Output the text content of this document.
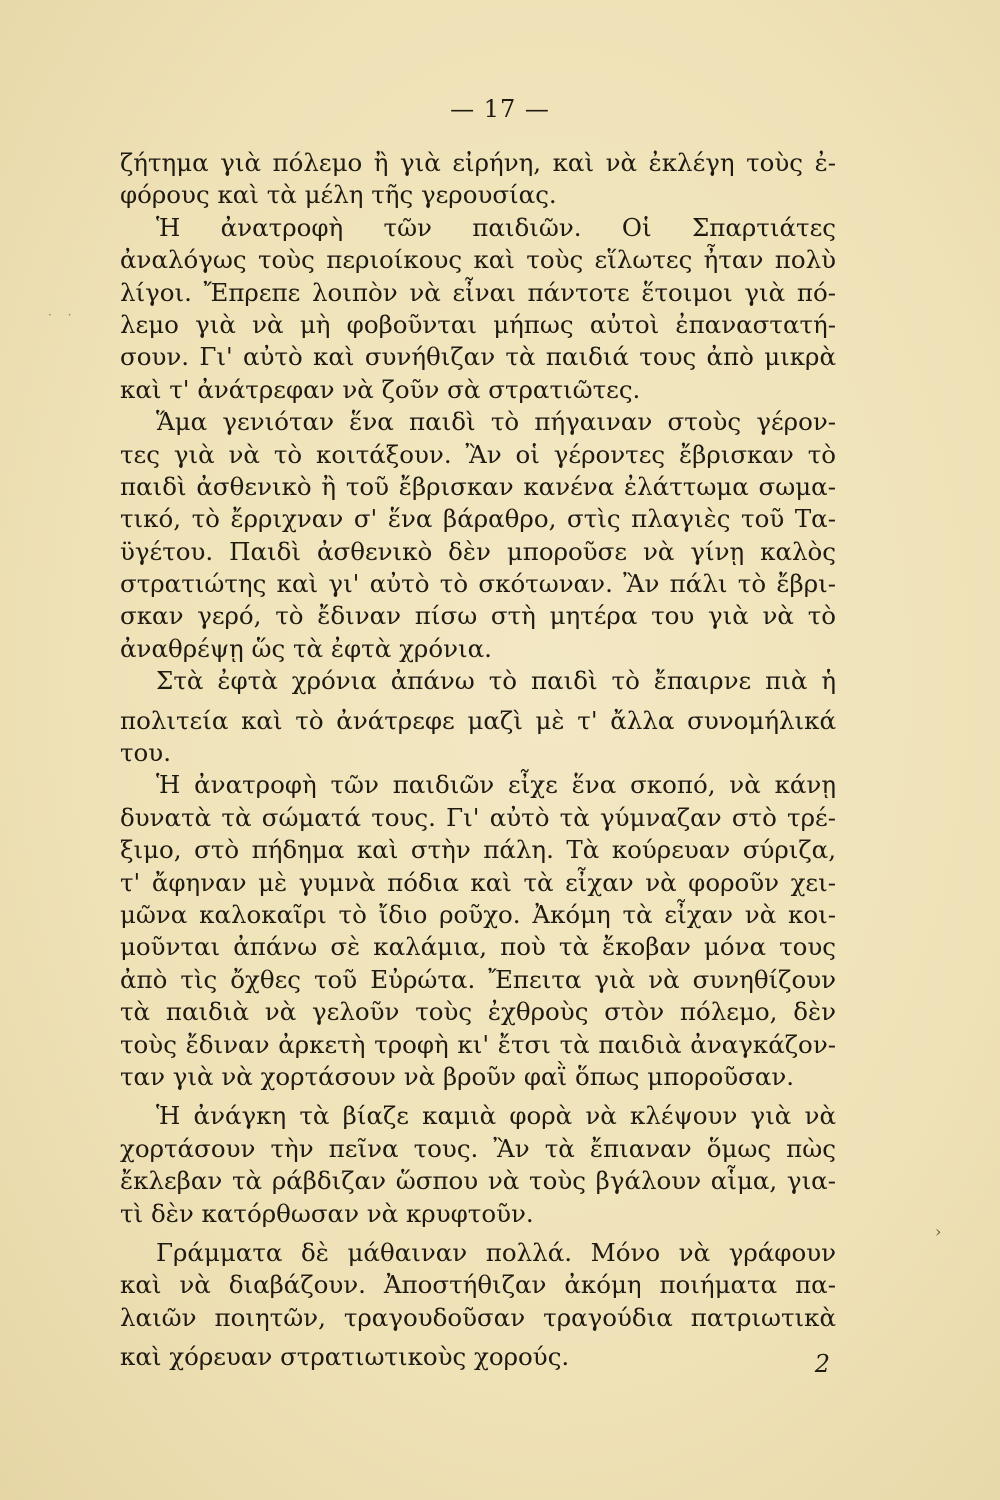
— 17 —
· ·
ζήτημα γιὰ πόλεμο ἢ γιὰ εἰρήνη, καὶ νὰ ἐκλέγη τοὺς ἐ-
φόρους καὶ τὰ μέλη τῆς γερουσίας.
Ἡ ἀνατροφὴ τῶν παιδιῶν. Οἱ Σπαρτιάτες
ἀναλόγως τοὺς περιοίκους καὶ τοὺς εἵλωτες ἦταν πολὺ
λίγοι. Ἔπρεπε λοιπὸν νὰ εἶναι πάντοτε ἕτοιμοι γιὰ πό-
λεμο γιὰ νὰ μὴ φοβοῦνται μήπως αὐτοὶ ἐπαναστατή-
σουν. Γι' αὐτὸ καὶ συνήθιζαν τὰ παιδιά τους ἀπὸ μικρὰ
καὶ τ' ἀνάτρεφαν νὰ ζοῦν σὰ στρατιῶτες.
Ἅμα γενιόταν ἕνα παιδὶ τὸ πήγαιναν στοὺς γέρον-
τες γιὰ νὰ τὸ κοιτάξουν. Ἂν οἱ γέροντες ἔβρισκαν τὸ
παιδὶ ἀσθενικὸ ἢ τοῦ ἔβρισκαν κανένα ἐλάττωμα σωμα-
τικό, τὸ ἔρριχναν σ' ἕνα βάραθρο, στὶς πλαγιὲς τοῦ Τα-
ϋγέτου. Παιδὶ ἀσθενικὸ δὲν μποροῦσε νὰ γίνῃ καλὸς
στρατιώτης καὶ γι' αὐτὸ τὸ σκότωναν. Ἂν πάλι τὸ ἔβρι-
σκαν γερό, τὸ ἔδιναν πίσω στὴ μητέρα του γιὰ νὰ τὸ
ἀναθρέψῃ ὥς τὰ ἐφτὰ χρόνια.
Στὰ ἐφτὰ χρόνια ἀπάνω τὸ παιδὶ τὸ ἔπαιρνε πιὰ ἡ
πολιτεία καὶ τὸ ἀνάτρεφε μαζὶ μὲ τ' ἄλλα συνομήλικά
του.
Ἡ ἀνατροφὴ τῶν παιδιῶν εἶχε ἕνα σκοπό, νὰ κάνῃ
δυνατὰ τὰ σώματά τους. Γι' αὐτὸ τὰ γύμναζαν στὸ τρέ-
ξιμο, στὸ πήδημα καὶ στὴν πάλη. Τὰ κούρευαν σύριζα,
τ' ἄφηναν μὲ γυμνὰ πόδια καὶ τὰ εἶχαν νὰ φοροῦν χει-
μῶνα καλοκαῖρι τὸ ἴδιο ροῦχο. Ἀκόμη τὰ εἶχαν νὰ κοι-
μοῦνται ἀπάνω σὲ καλάμια, ποὺ τὰ ἔκοβαν μόνα τους
ἀπὸ τὶς ὄχθες τοῦ Εὐρώτα. Ἔπειτα γιὰ νὰ συνηθίζουν
τὰ παιδιὰ νὰ γελοῦν τοὺς ἐχθροὺς στὸν πόλεμο, δὲν
τοὺς ἔδιναν ἀρκετὴ τροφὴ κι' ἔτσι τὰ παιδιὰ ἀναγκάζον-
ταν γιὰ νὰ χορτάσουν νὰ βροῦν φαῒ ὅπως μποροῦσαν.
Ἡ ἀνάγκη τὰ βίαζε καμιὰ φορὰ νὰ κλέψουν γιὰ νὰ
χορτάσουν τὴν πεῖνα τους. Ἂν τὰ ἔπιαναν ὅμως πὼς
ἔκλεβαν τὰ ράβδιζαν ὥσπου νὰ τοὺς βγάλουν αἷμα, για-
τὶ δὲν κατόρθωσαν νὰ κρυφτοῦν.
Γράμματα δὲ μάθαιναν πολλά. Μόνο νὰ γράφουν
καὶ νὰ διαβάζουν. Ἀποστήθιζαν ἀκόμη ποιήματα πα-
λαιῶν ποιητῶν, τραγουδοῦσαν τραγούδια πατριωτικὰ
καὶ χόρευαν στρατιωτικοὺς χορούς.
›
2
